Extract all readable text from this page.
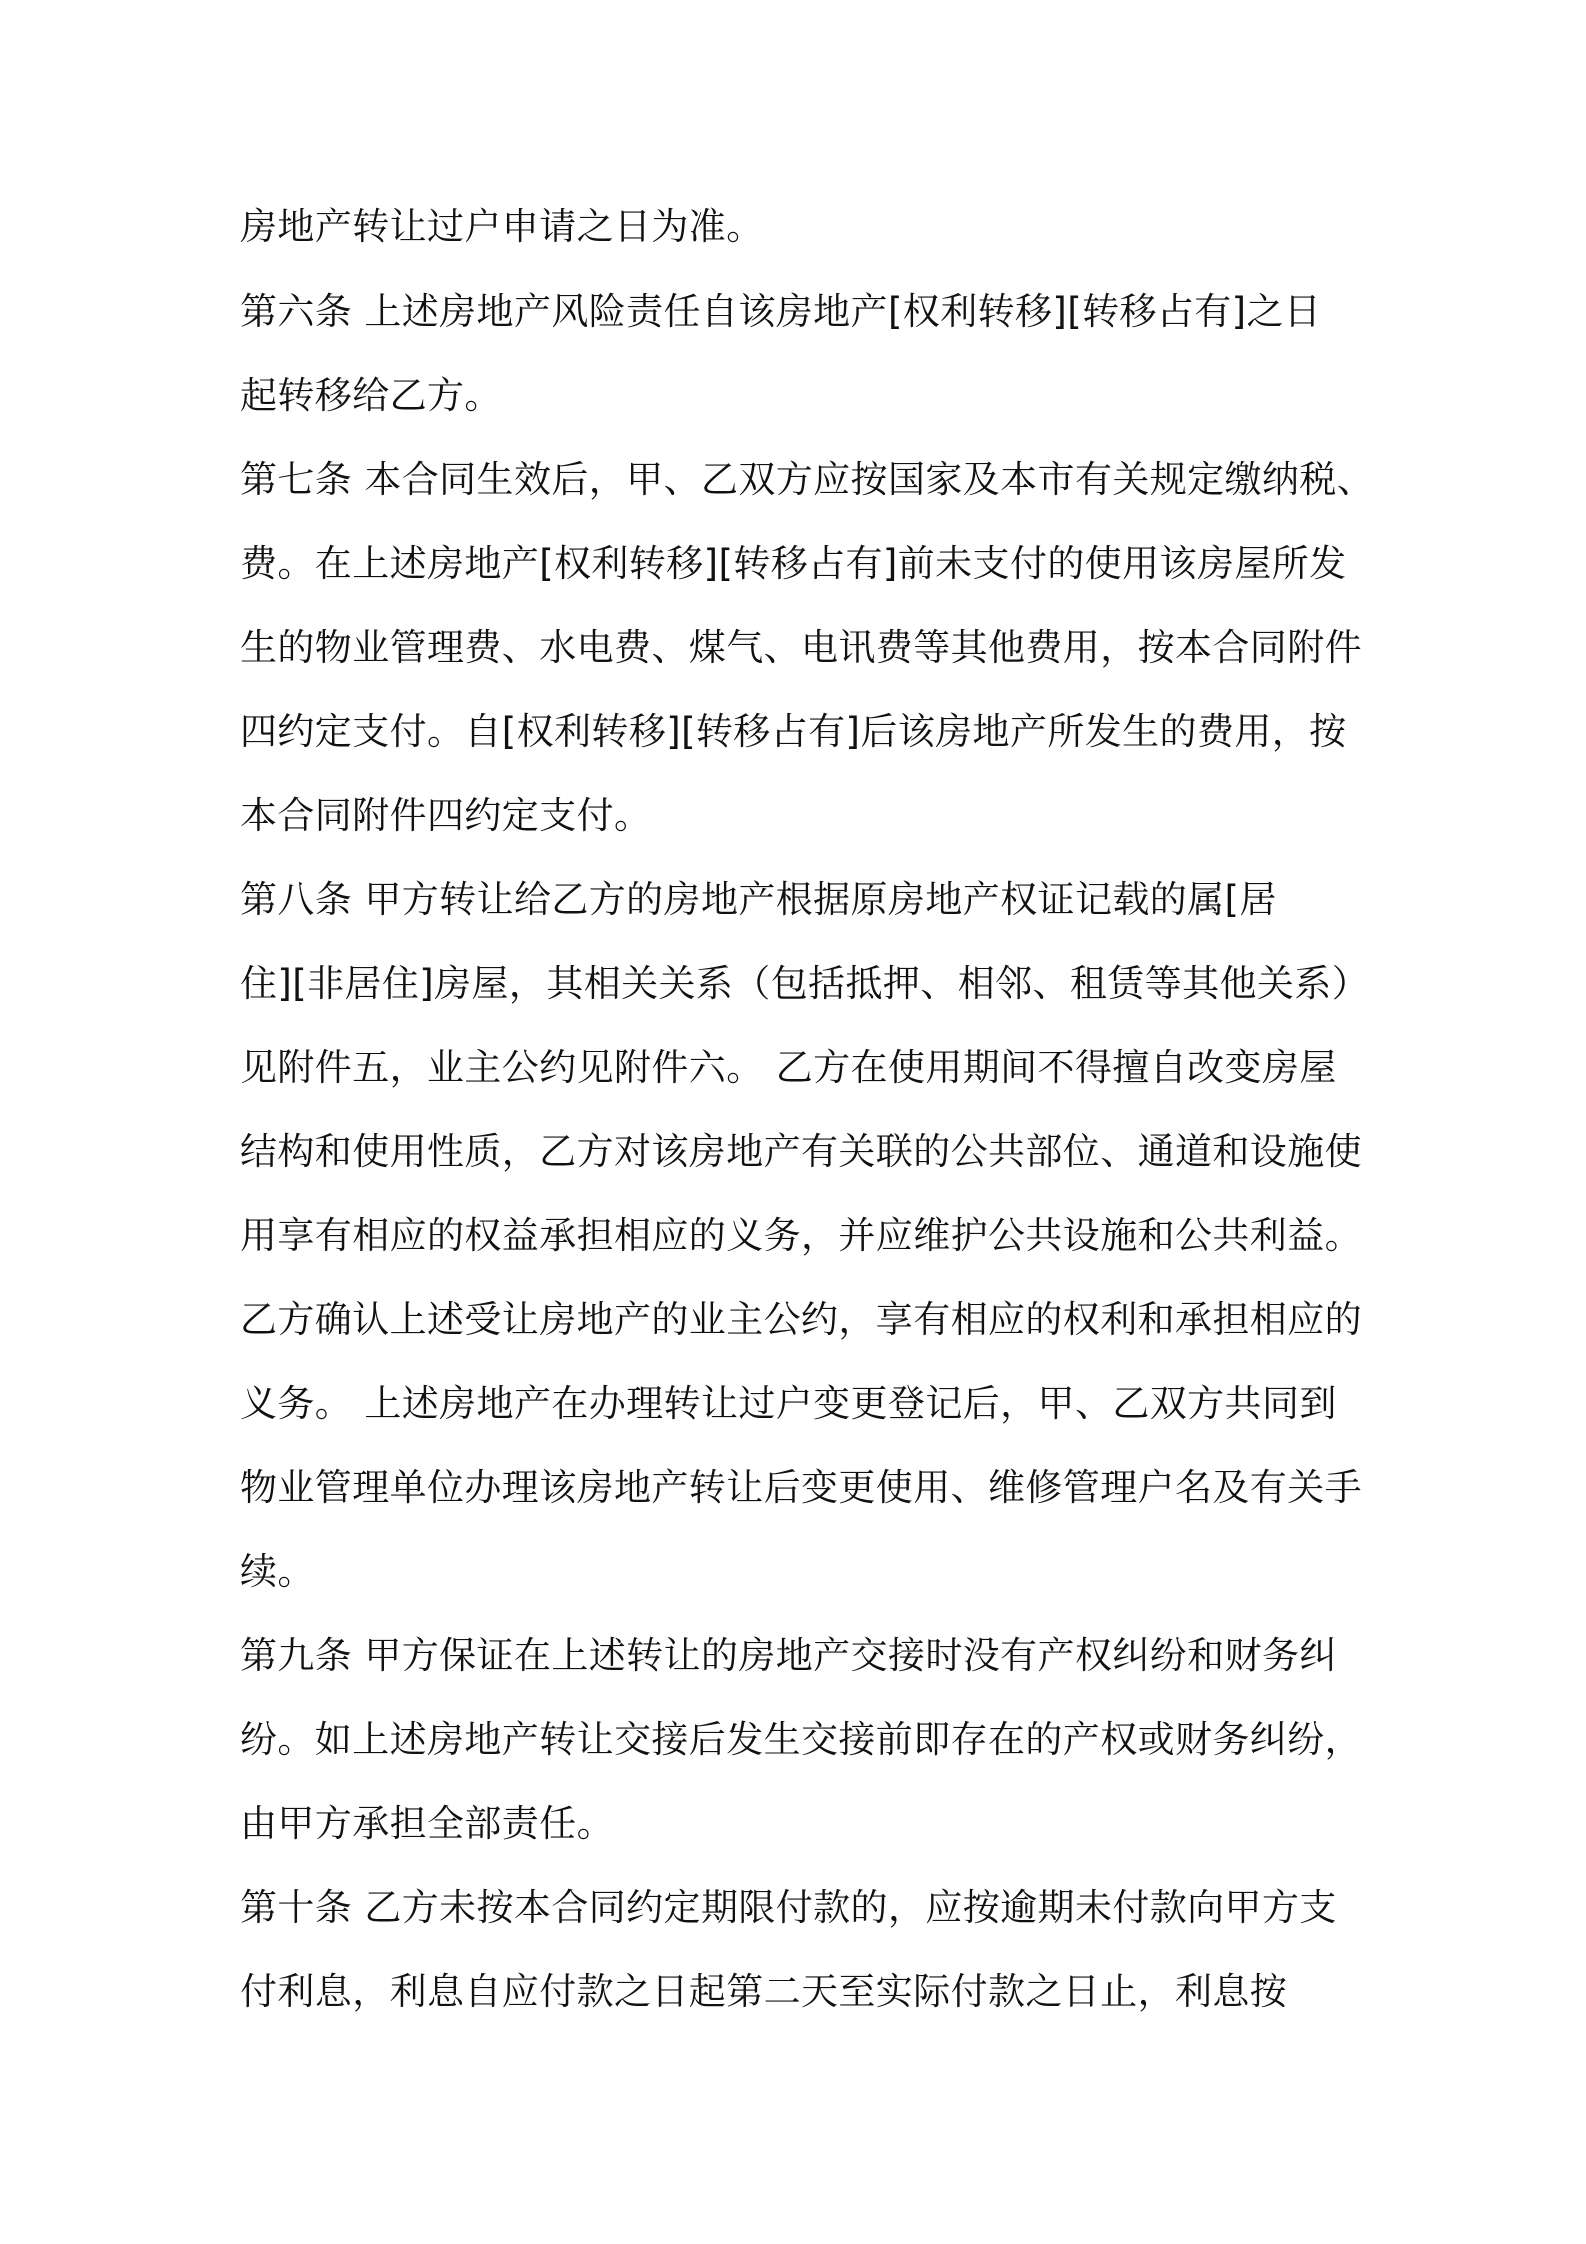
房地产转让过户申请之日为准。
第六条 上述房地产风险责任自该房地产[权利转移][转移占有]之日
起转移给乙方。
第七条 本合同生效后，甲、乙双方应按国家及本市有关规定缴纳税、
费。在上述房地产[权利转移][转移占有]前未支付的使用该房屋所发
生的物业管理费、水电费、煤气、电讯费等其他费用，按本合同附件
四约定支付。自[权利转移][转移占有]后该房地产所发生的费用，按
本合同附件四约定支付。
第八条 甲方转让给乙方的房地产根据原房地产权证记载的属[居
住][非居住]房屋，其相关关系（包括抵押、相邻、租赁等其他关系）
见附件五，业主公约见附件六。 乙方在使用期间不得擅自改变房屋
结构和使用性质，乙方对该房地产有关联的公共部位、通道和设施使
用享有相应的权益承担相应的义务，并应维护公共设施和公共利益。
乙方确认上述受让房地产的业主公约，享有相应的权利和承担相应的
义务。 上述房地产在办理转让过户变更登记后，甲、乙双方共同到
物业管理单位办理该房地产转让后变更使用、维修管理户名及有关手
续。
第九条 甲方保证在上述转让的房地产交接时没有产权纠纷和财务纠
纷。如上述房地产转让交接后发生交接前即存在的产权或财务纠纷，
由甲方承担全部责任。
第十条 乙方未按本合同约定期限付款的，应按逾期未付款向甲方支
付利息，利息自应付款之日起第二天至实际付款之日止，利息按
